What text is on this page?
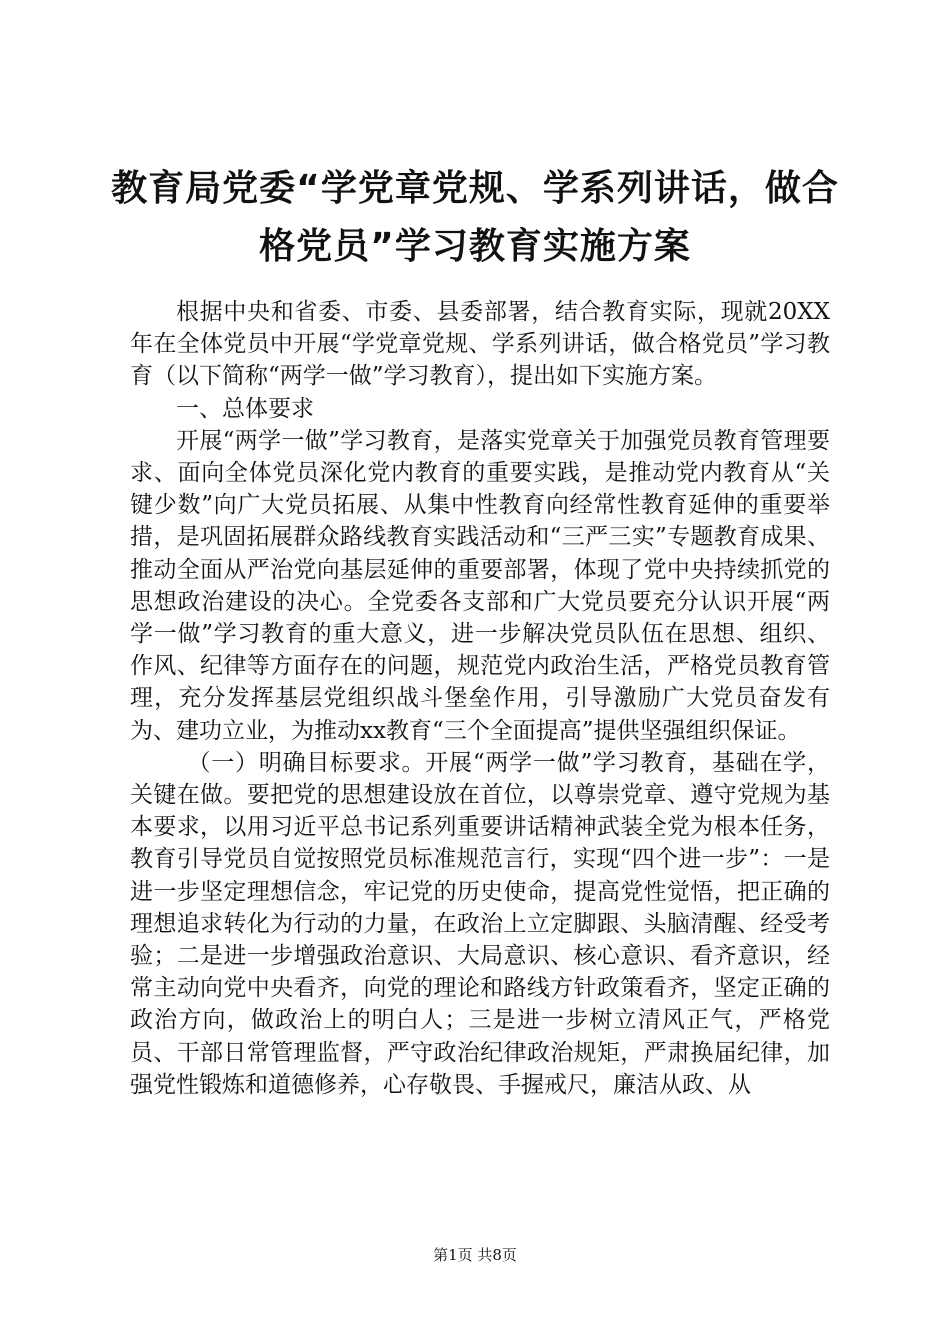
教育局党委“学党章党规、学系列讲话，做合
格党员”学习教育实施方案

根据中央和省委、市委、县委部署，结合教育实际，现就20XX年在全体党员中开展“学党章党规、学系列讲话，做合格党员”学习教育（以下简称“两学一做”学习教育），提出如下实施方案。

一、总体要求

开展“两学一做”学习教育，是落实党章关于加强党员教育管理要求、面向全体党员深化党内教育的重要实践，是推动党内教育从“关键少数”向广大党员拓展、从集中性教育向经常性教育延伸的重要举措，是巩固拓展群众路线教育实践活动和“三严三实”专题教育成果、推动全面从严治党向基层延伸的重要部署，体现了党中央持续抓党的思想政治建设的决心。全党委各支部和广大党员要充分认识开展“两学一做”学习教育的重大意义，进一步解决党员队伍在思想、组织、作风、纪律等方面存在的问题，规范党内政治生活，严格党员教育管理，充分发挥基层党组织战斗堡垒作用，引导激励广大党员奋发有为、建功立业，为推动xx教育“三个全面提高”提供坚强组织保证。

（一）明确目标要求。开展“两学一做”学习教育，基础在学，关键在做。要把党的思想建设放在首位，以尊崇党章、遵守党规为基本要求，以用习近平总书记系列重要讲话精神武装全党为根本任务，教育引导党员自觉按照党员标准规范言行，实现“四个进一步”：一是进一步坚定理想信念，牢记党的历史使命，提高党性觉悟，把正确的理想追求转化为行动的力量，在政治上立定脚跟、头脑清醒、经受考验；二是进一步增强政治意识、大局意识、核心意识、看齐意识，经常主动向党中央看齐，向党的理论和路线方针政策看齐，坚定正确的政治方向，做政治上的明白人；三是进一步树立清风正气，严格党员、干部日常管理监督，严守政治纪律政治规矩，严肃换届纪律，加强党性锻炼和道德修养，心存敬畏、手握戒尺，廉洁从政、从

第1页 共8页
